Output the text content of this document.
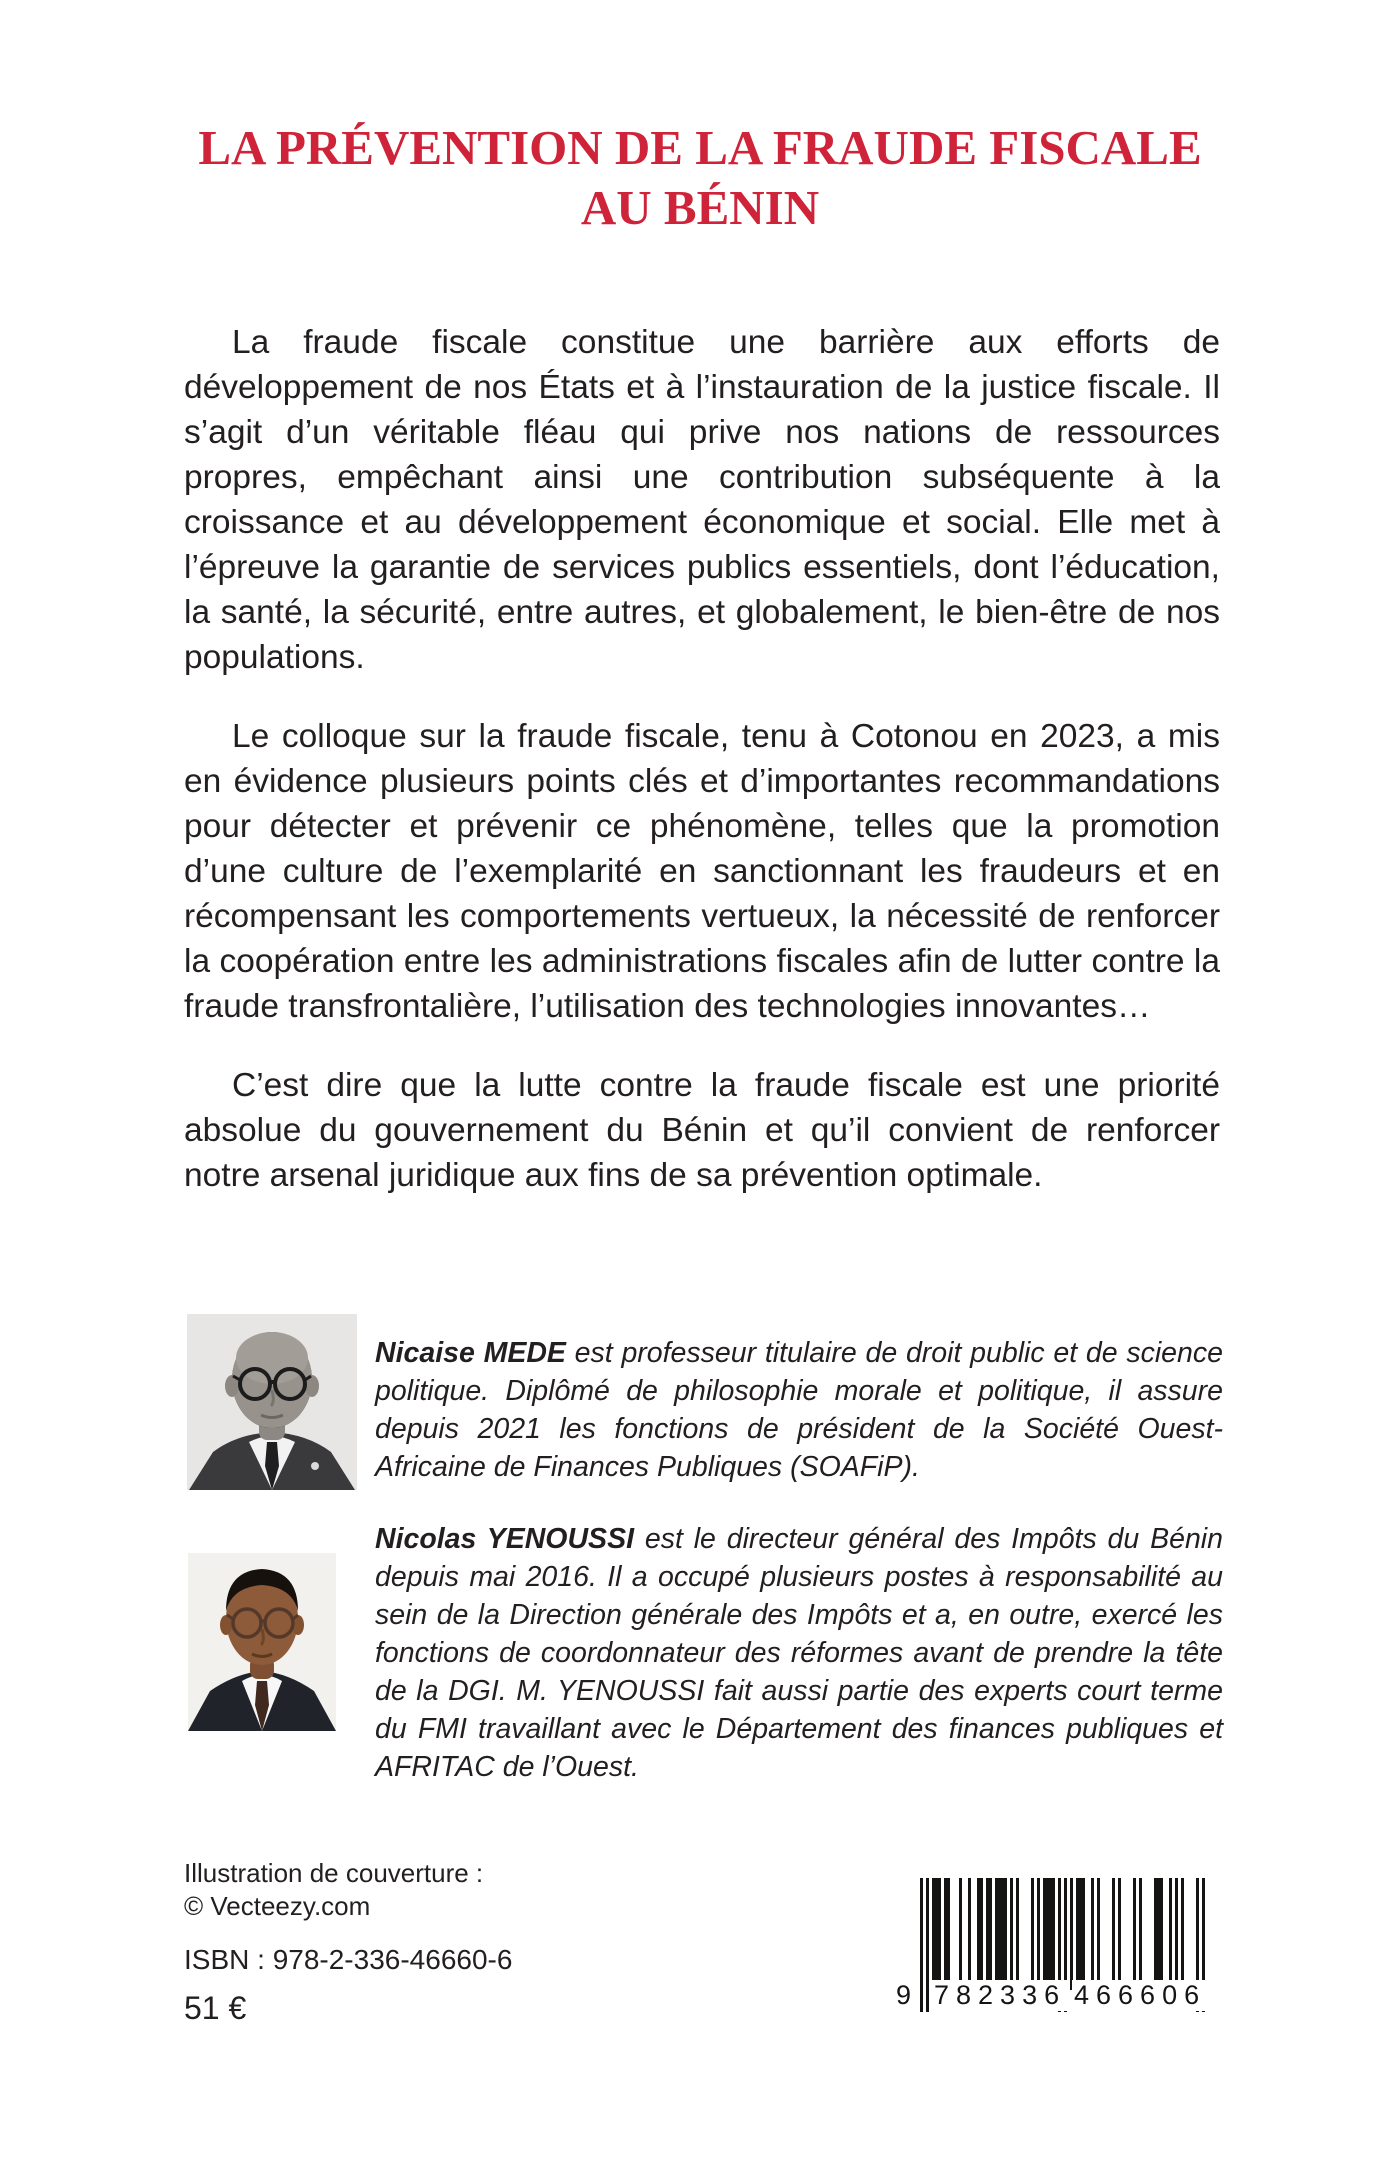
LA PRÉVENTION DE LA FRAUDE FISCALE
AU BÉNIN

La fraude fiscale constitue une barrière aux efforts de développement de nos États et à l’instauration de la justice fiscale. Il s’agit d’un véritable fléau qui prive nos nations de ressources propres, empêchant ainsi une contribution subséquente à la croissance et au développement économique et social. Elle met à l’épreuve la garantie de services publics essentiels, dont l’éducation, la santé, la sécurité, entre autres, et globalement, le bien-être de nos populations.

Le colloque sur la fraude fiscale, tenu à Cotonou en 2023, a mis en évidence plusieurs points clés et d’importantes recommandations pour détecter et prévenir ce phénomène, telles que la promotion d’une culture de l’exemplarité en sanctionnant les fraudeurs et en récompensant les comportements vertueux, la nécessité de renforcer la coopération entre les administrations fiscales afin de lutter contre la fraude transfrontalière, l’utilisation des technologies innovantes…

C’est dire que la lutte contre la fraude fiscale est une priorité absolue du gouvernement du Bénin et qu’il convient de renforcer notre arsenal juridique aux fins de sa prévention optimale.

Nicaise MEDE est professeur titulaire de droit public et de science politique. Diplômé de philosophie morale et politique, il assure depuis 2021 les fonctions de président de la Société Ouest-Africaine de Finances Publiques (SOAFiP).
Nicolas YENOUSSI est le directeur général des Impôts du Bénin depuis mai 2016. Il a occupé plusieurs postes à responsabilité au sein de la Direction générale des Impôts et a, en outre, exercé les fonctions de coordonnateur des réformes avant de prendre la tête de la DGI. M. YENOUSSI fait aussi partie des experts court terme du FMI travaillant avec le Département des finances publiques et AFRITAC de l’Ouest.
Illustration de couverture :
© Vecteezy.com
ISBN : 978-2-336-46660-6
51 €	9 782336 466606
